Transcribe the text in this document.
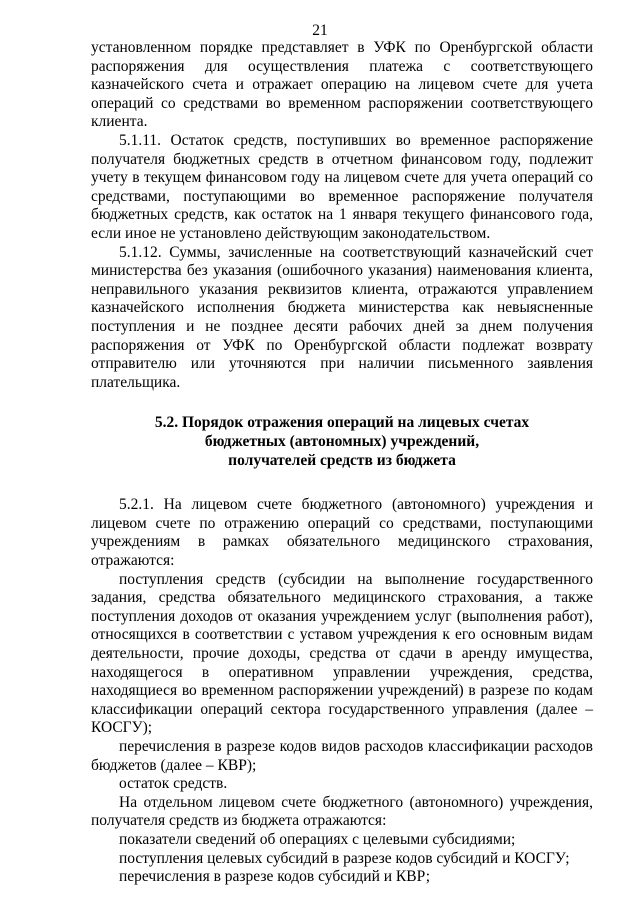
21

установленном порядке представляет в УФК по Оренбургской области распоряжения для осуществления платежа с соответствующего казначейского счета и отражает операцию на лицевом счете для учета операций со средствами во временном распоряжении соответствующего клиента.

5.1.11. Остаток средств, поступивших во временное распоряжение получателя бюджетных средств в отчетном финансовом году, подлежит учету в текущем финансовом году на лицевом счете для учета операций со средствами, поступающими во временное распоряжение получателя бюджетных средств, как остаток на 1 января текущего финансового года, если иное не установлено действующим законодательством.

5.1.12. Суммы, зачисленные на соответствующий казначейский счет министерства без указания (ошибочного указания) наименования клиента, неправильного указания реквизитов клиента, отражаются управлением казначейского исполнения бюджета министерства как невыясненные поступления и не позднее десяти рабочих дней за днем получения распоряжения от УФК по Оренбургской области подлежат возврату отправителю или уточняются при наличии письменного заявления плательщика.

5.2. Порядок отражения операций на лицевых счетах
бюджетных (автономных) учреждений,
получателей средств из бюджета

5.2.1. На лицевом счете бюджетного (автономного) учреждения и лицевом счете по отражению операций со средствами, поступающими учреждениям в рамках обязательного медицинского страхования, отражаются:

поступления средств (субсидии на выполнение государственного задания, средства обязательного медицинского страхования, а также поступления доходов от оказания учреждением услуг (выполнения работ), относящихся в соответствии с уставом учреждения к его основным видам деятельности, прочие доходы, средства от сдачи в аренду имущества, находящегося в оперативном управлении учреждения, средства, находящиеся во временном распоряжении учреждений) в разрезе по кодам классификации операций сектора государственного управления (далее – КОСГУ);

перечисления в разрезе кодов видов расходов классификации расходов бюджетов (далее – КВР);

остаток средств.

На отдельном лицевом счете бюджетного (автономного) учреждения, получателя средств из бюджета отражаются:

показатели сведений об операциях с целевыми субсидиями;

поступления целевых субсидий в разрезе кодов субсидий и КОСГУ;

перечисления в разрезе кодов субсидий и КВР;
